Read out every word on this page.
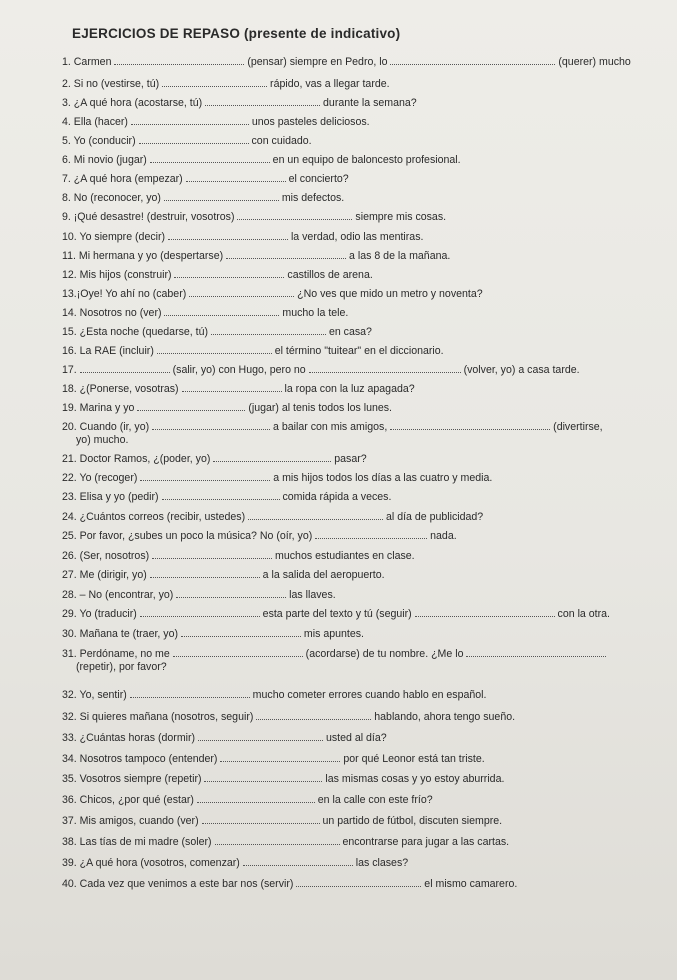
EJERCICIOS DE REPASO (presente de indicativo)
1. Carmen	(pensar) siempre en Pedro, lo	(querer) mucho
2. Si no (vestirse, tú)	rápido, vas a llegar tarde.
3. ¿A qué hora (acostarse, tú)	durante la semana?
4. Ella (hacer)	unos pasteles deliciosos.
5. Yo (conducir)	con cuidado.
6. Mi novio (jugar)	en un equipo de baloncesto profesional.
7. ¿A qué hora (empezar)	el concierto?
8. No (reconocer, yo)	mis defectos.
9. ¡Qué desastre! (destruir, vosotros)	siempre mis cosas.
10. Yo siempre (decir)	la verdad, odio las mentiras.
11. Mi hermana y yo (despertarse)	a las 8 de la mañana.
12. Mis hijos (construir)	castillos de arena.
13.¡Oye! Yo ahí no (caber)	¿No ves que mido un metro y noventa?
14. Nosotros no (ver)	mucho la tele.
15. ¿Esta noche (quedarse, tú)	en casa?
16. La RAE (incluir)	el término "tuitear" en el diccionario.
17.	(salir, yo) con Hugo, pero no	(volver, yo) a casa tarde.
18. ¿(Ponerse, vosotras)	la ropa con la luz apagada?
19. Marina y yo	(jugar) al tenis todos los lunes.
20. Cuando (ir, yo)	a bailar con mis amigos,	(divertirse,
yo) mucho.
21. Doctor Ramos, ¿(poder, yo)	pasar?
22. Yo (recoger)	a mis hijos todos los días a las cuatro y media.
23. Elisa y yo (pedir)	comida rápida a veces.
24. ¿Cuántos correos (recibir, ustedes)	al día de publicidad?
25. Por favor, ¿subes un poco la música? No (oír, yo)	nada.
26. (Ser, nosotros)	muchos estudiantes en clase.
27. Me (dirigir, yo)	a la salida del aeropuerto.
28. – No (encontrar, yo)	las llaves.
29. Yo (traducir)	esta parte del texto y tú (seguir)	con la otra.
30. Mañana te (traer, yo)	mis apuntes.
31. Perdóname, no me	(acordarse) de tu nombre. ¿Me lo
(repetir), por favor?
32. Yo, sentir)	mucho cometer errores cuando hablo en español.
32. Si quieres mañana (nosotros, seguir)	hablando, ahora tengo sueño.
33. ¿Cuántas horas (dormir)	usted al día?
34. Nosotros tampoco (entender)	por qué Leonor está tan triste.
35. Vosotros siempre (repetir)	las mismas cosas y yo estoy aburrida.
36. Chicos, ¿por qué (estar)	en la calle con este frío?
37. Mis amigos, cuando (ver)	un partido de fútbol, discuten siempre.
38. Las tías de mi madre (soler)	encontrarse para jugar a las cartas.
39. ¿A qué hora (vosotros, comenzar)	las clases?
40. Cada vez que venimos a este bar nos (servir)	el mismo camarero.
